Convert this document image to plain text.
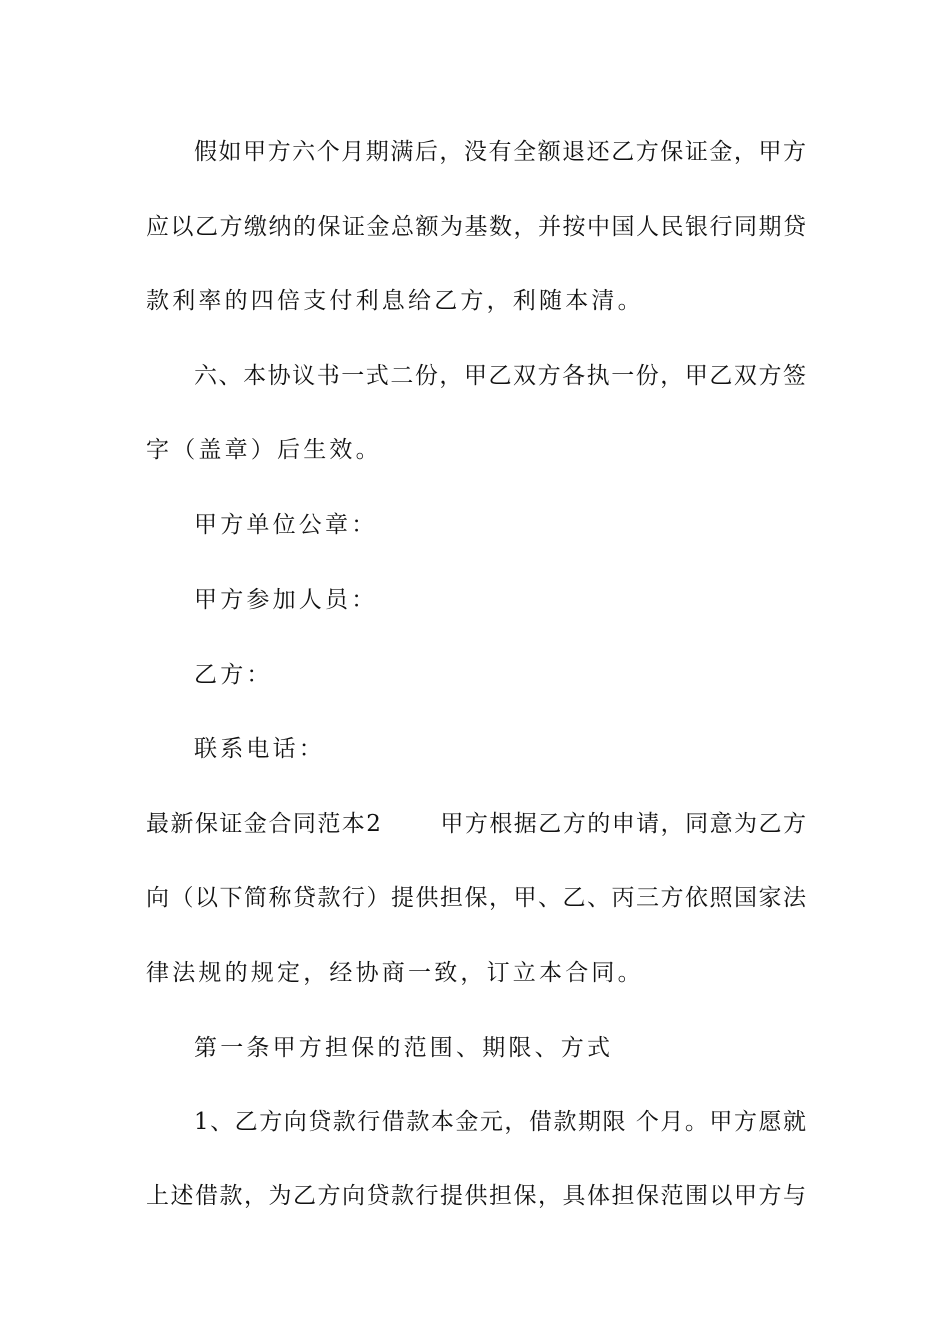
假如甲方六个月期满后，没有全额退还乙方保证金，甲方
应以乙方缴纳的保证金总额为基数，并按中国人民银行同期贷
款利率的四倍支付利息给乙方，利随本清。
六、本协议书一式二份，甲乙双方各执一份，甲乙双方签
字（盖章）后生效。
甲方单位公章：
甲方参加人员：
乙方：
联系电话：
最新保证金合同范本2	甲方根据乙方的申请，同意为乙方
向（以下简称贷款行）提供担保，甲、乙、丙三方依照国家法
律法规的规定，经协商一致，订立本合同。
第一条甲方担保的范围、期限、方式
1、乙方向贷款行借款本金元，借款期限 个月。甲方愿就
上述借款，为乙方向贷款行提供担保，具体担保范围以甲方与
